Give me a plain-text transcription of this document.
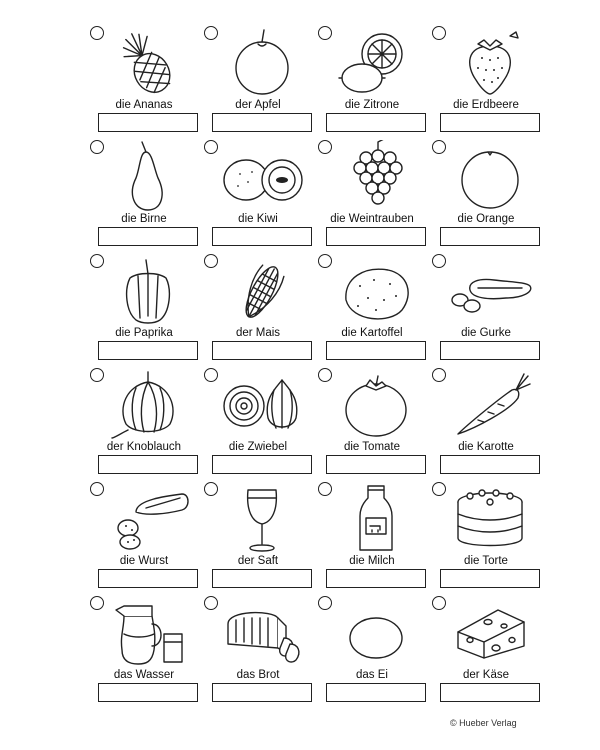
die Ananas	der Apfel	die Zitrone	die Erdbeere
die Birne	die Kiwi	die Weintrauben	die Orange
die Paprika	der Mais	die Kartoffel	die Gurke
der Knoblauch	die Zwiebel	die Tomate	die Karotte
die Wurst	der Saft	die Milch	die Torte
das Wasser	das Brot	das Ei	der Käse
© Hueber Verlag
